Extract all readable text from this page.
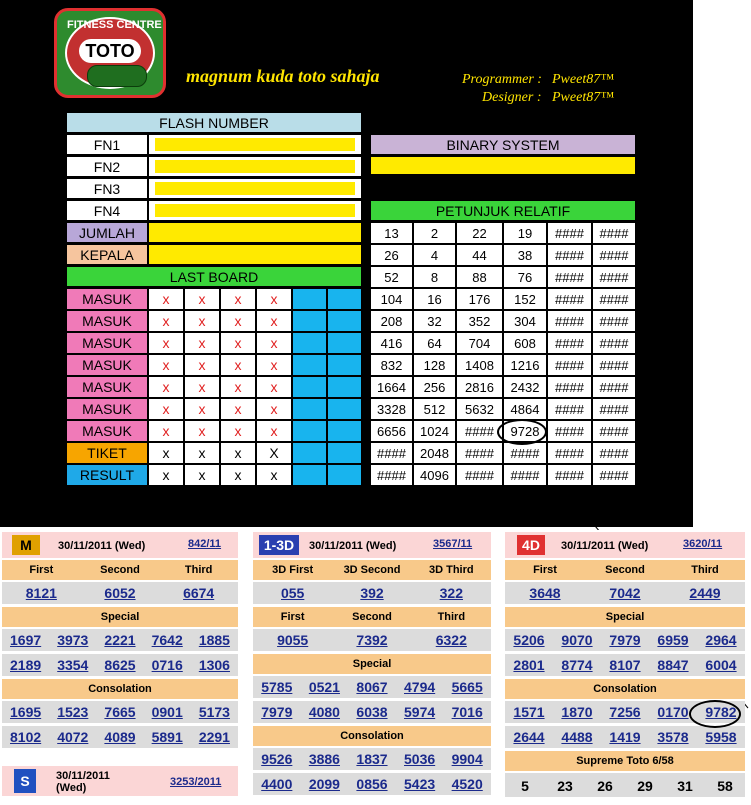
FITNESS CENTRE
TOTO
magnum kuda toto sahaja	Programmer : Pweet87™
Designer : Pweet87™
FLASH NUMBER
FN1
FN2
FN3
FN4
JUMLAH
KEPALA
BINARY SYSTEM
PETUNJUK RELATIF
13	2	22	19	####	####
26	4	44	38	####	####
52	8	88	76	####	####
104	16	176	152	####	####
208	32	352	304	####	####
416	64	704	608	####	####
832	128	1408	1216	####	####
1664	256	2816	2432	####	####
3328	512	5632	4864	####	####
6656	1024	####	9728	####	####
####	2048	####	####	####	####
####	4096	####	####	####	####
LAST BOARD
MASUK	x	x	x	x
MASUK	x	x	x	x
MASUK	x	x	x	x
MASUK	x	x	x	x
MASUK	x	x	x	x
MASUK	x	x	x	x
MASUK	x	x	x	x
TIKET	x	x	x	X
RESULT	x	x	x	x
M	30/11/2011 (Wed)	842/11	1-3D	30/11/2011 (Wed)	3567/11	4D	30/11/2011 (Wed)	3620/11
First	Second	Third
8121	6052	6674
Special
1697	3973	2221	7642	1885
2189	3354	8625	0716	1306
Consolation
1695	1523	7665	0901	5173
8102	4072	4089	5891	2291
3D First	3D Second	3D Third
055	392	322
First	Second	Third
9055	7392	6322
Special
5785	0521	8067	4794	5665
7979	4080	6038	5974	7016
Consolation
9526	3886	1837	5036	9904
4400	2099	0856	5423	4520
First	Second	Third
3648	7042	2449
Special
5206	9070	7979	6959	2964
2801	8774	8107	8847	6004
Consolation
1571	1870	7256	0170	9782
2644	4488	1419	3578	5958
Supreme Toto 6/58
5	23	26	29	31	58
S	30/11/2011 (Wed)	3253/2011
